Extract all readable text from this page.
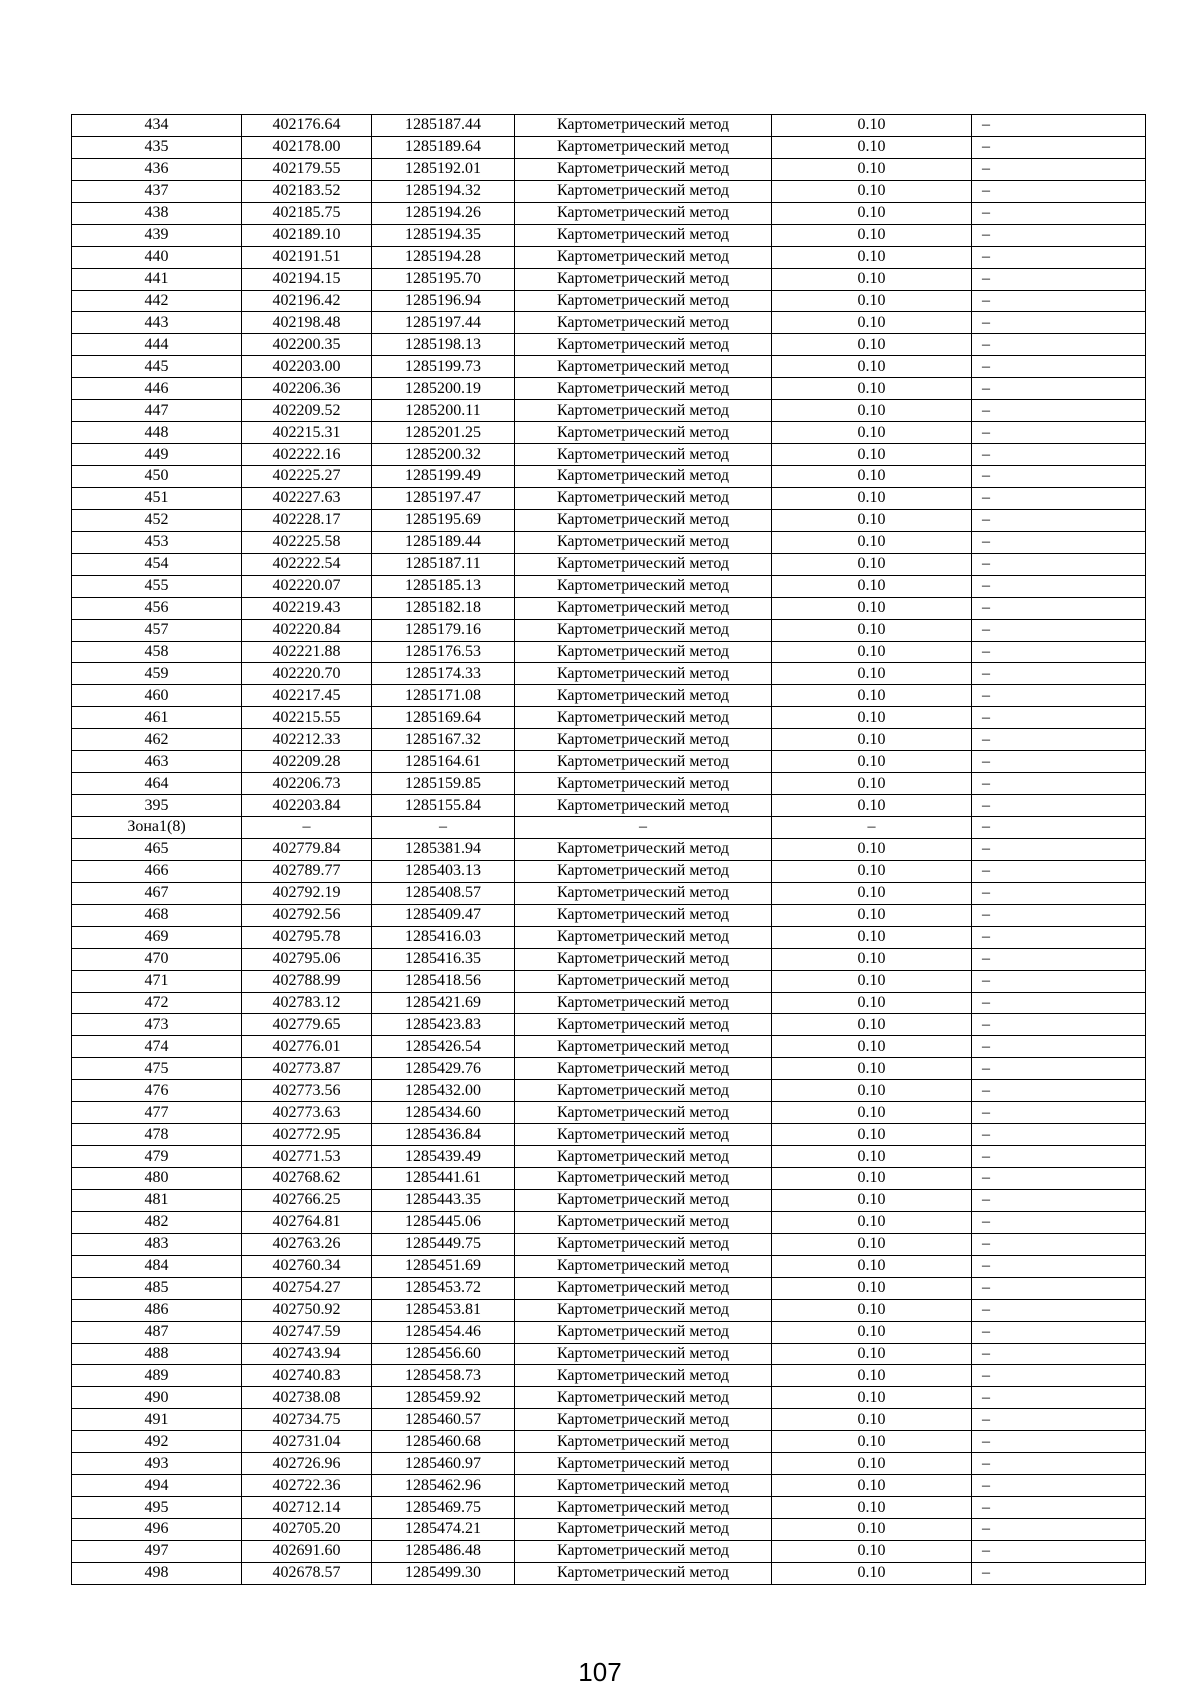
434	402176.64	1285187.44	Картометрический метод	0.10	–
435	402178.00	1285189.64	Картометрический метод	0.10	–
436	402179.55	1285192.01	Картометрический метод	0.10	–
437	402183.52	1285194.32	Картометрический метод	0.10	–
438	402185.75	1285194.26	Картометрический метод	0.10	–
439	402189.10	1285194.35	Картометрический метод	0.10	–
440	402191.51	1285194.28	Картометрический метод	0.10	–
441	402194.15	1285195.70	Картометрический метод	0.10	–
442	402196.42	1285196.94	Картометрический метод	0.10	–
443	402198.48	1285197.44	Картометрический метод	0.10	–
444	402200.35	1285198.13	Картометрический метод	0.10	–
445	402203.00	1285199.73	Картометрический метод	0.10	–
446	402206.36	1285200.19	Картометрический метод	0.10	–
447	402209.52	1285200.11	Картометрический метод	0.10	–
448	402215.31	1285201.25	Картометрический метод	0.10	–
449	402222.16	1285200.32	Картометрический метод	0.10	–
450	402225.27	1285199.49	Картометрический метод	0.10	–
451	402227.63	1285197.47	Картометрический метод	0.10	–
452	402228.17	1285195.69	Картометрический метод	0.10	–
453	402225.58	1285189.44	Картометрический метод	0.10	–
454	402222.54	1285187.11	Картометрический метод	0.10	–
455	402220.07	1285185.13	Картометрический метод	0.10	–
456	402219.43	1285182.18	Картометрический метод	0.10	–
457	402220.84	1285179.16	Картометрический метод	0.10	–
458	402221.88	1285176.53	Картометрический метод	0.10	–
459	402220.70	1285174.33	Картометрический метод	0.10	–
460	402217.45	1285171.08	Картометрический метод	0.10	–
461	402215.55	1285169.64	Картометрический метод	0.10	–
462	402212.33	1285167.32	Картометрический метод	0.10	–
463	402209.28	1285164.61	Картометрический метод	0.10	–
464	402206.73	1285159.85	Картометрический метод	0.10	–
395	402203.84	1285155.84	Картометрический метод	0.10	–
Зона1(8)	–	–	–	–	–
465	402779.84	1285381.94	Картометрический метод	0.10	–
466	402789.77	1285403.13	Картометрический метод	0.10	–
467	402792.19	1285408.57	Картометрический метод	0.10	–
468	402792.56	1285409.47	Картометрический метод	0.10	–
469	402795.78	1285416.03	Картометрический метод	0.10	–
470	402795.06	1285416.35	Картометрический метод	0.10	–
471	402788.99	1285418.56	Картометрический метод	0.10	–
472	402783.12	1285421.69	Картометрический метод	0.10	–
473	402779.65	1285423.83	Картометрический метод	0.10	–
474	402776.01	1285426.54	Картометрический метод	0.10	–
475	402773.87	1285429.76	Картометрический метод	0.10	–
476	402773.56	1285432.00	Картометрический метод	0.10	–
477	402773.63	1285434.60	Картометрический метод	0.10	–
478	402772.95	1285436.84	Картометрический метод	0.10	–
479	402771.53	1285439.49	Картометрический метод	0.10	–
480	402768.62	1285441.61	Картометрический метод	0.10	–
481	402766.25	1285443.35	Картометрический метод	0.10	–
482	402764.81	1285445.06	Картометрический метод	0.10	–
483	402763.26	1285449.75	Картометрический метод	0.10	–
484	402760.34	1285451.69	Картометрический метод	0.10	–
485	402754.27	1285453.72	Картометрический метод	0.10	–
486	402750.92	1285453.81	Картометрический метод	0.10	–
487	402747.59	1285454.46	Картометрический метод	0.10	–
488	402743.94	1285456.60	Картометрический метод	0.10	–
489	402740.83	1285458.73	Картометрический метод	0.10	–
490	402738.08	1285459.92	Картометрический метод	0.10	–
491	402734.75	1285460.57	Картометрический метод	0.10	–
492	402731.04	1285460.68	Картометрический метод	0.10	–
493	402726.96	1285460.97	Картометрический метод	0.10	–
494	402722.36	1285462.96	Картометрический метод	0.10	–
495	402712.14	1285469.75	Картометрический метод	0.10	–
496	402705.20	1285474.21	Картометрический метод	0.10	–
497	402691.60	1285486.48	Картометрический метод	0.10	–
498	402678.57	1285499.30	Картометрический метод	0.10	–
107
